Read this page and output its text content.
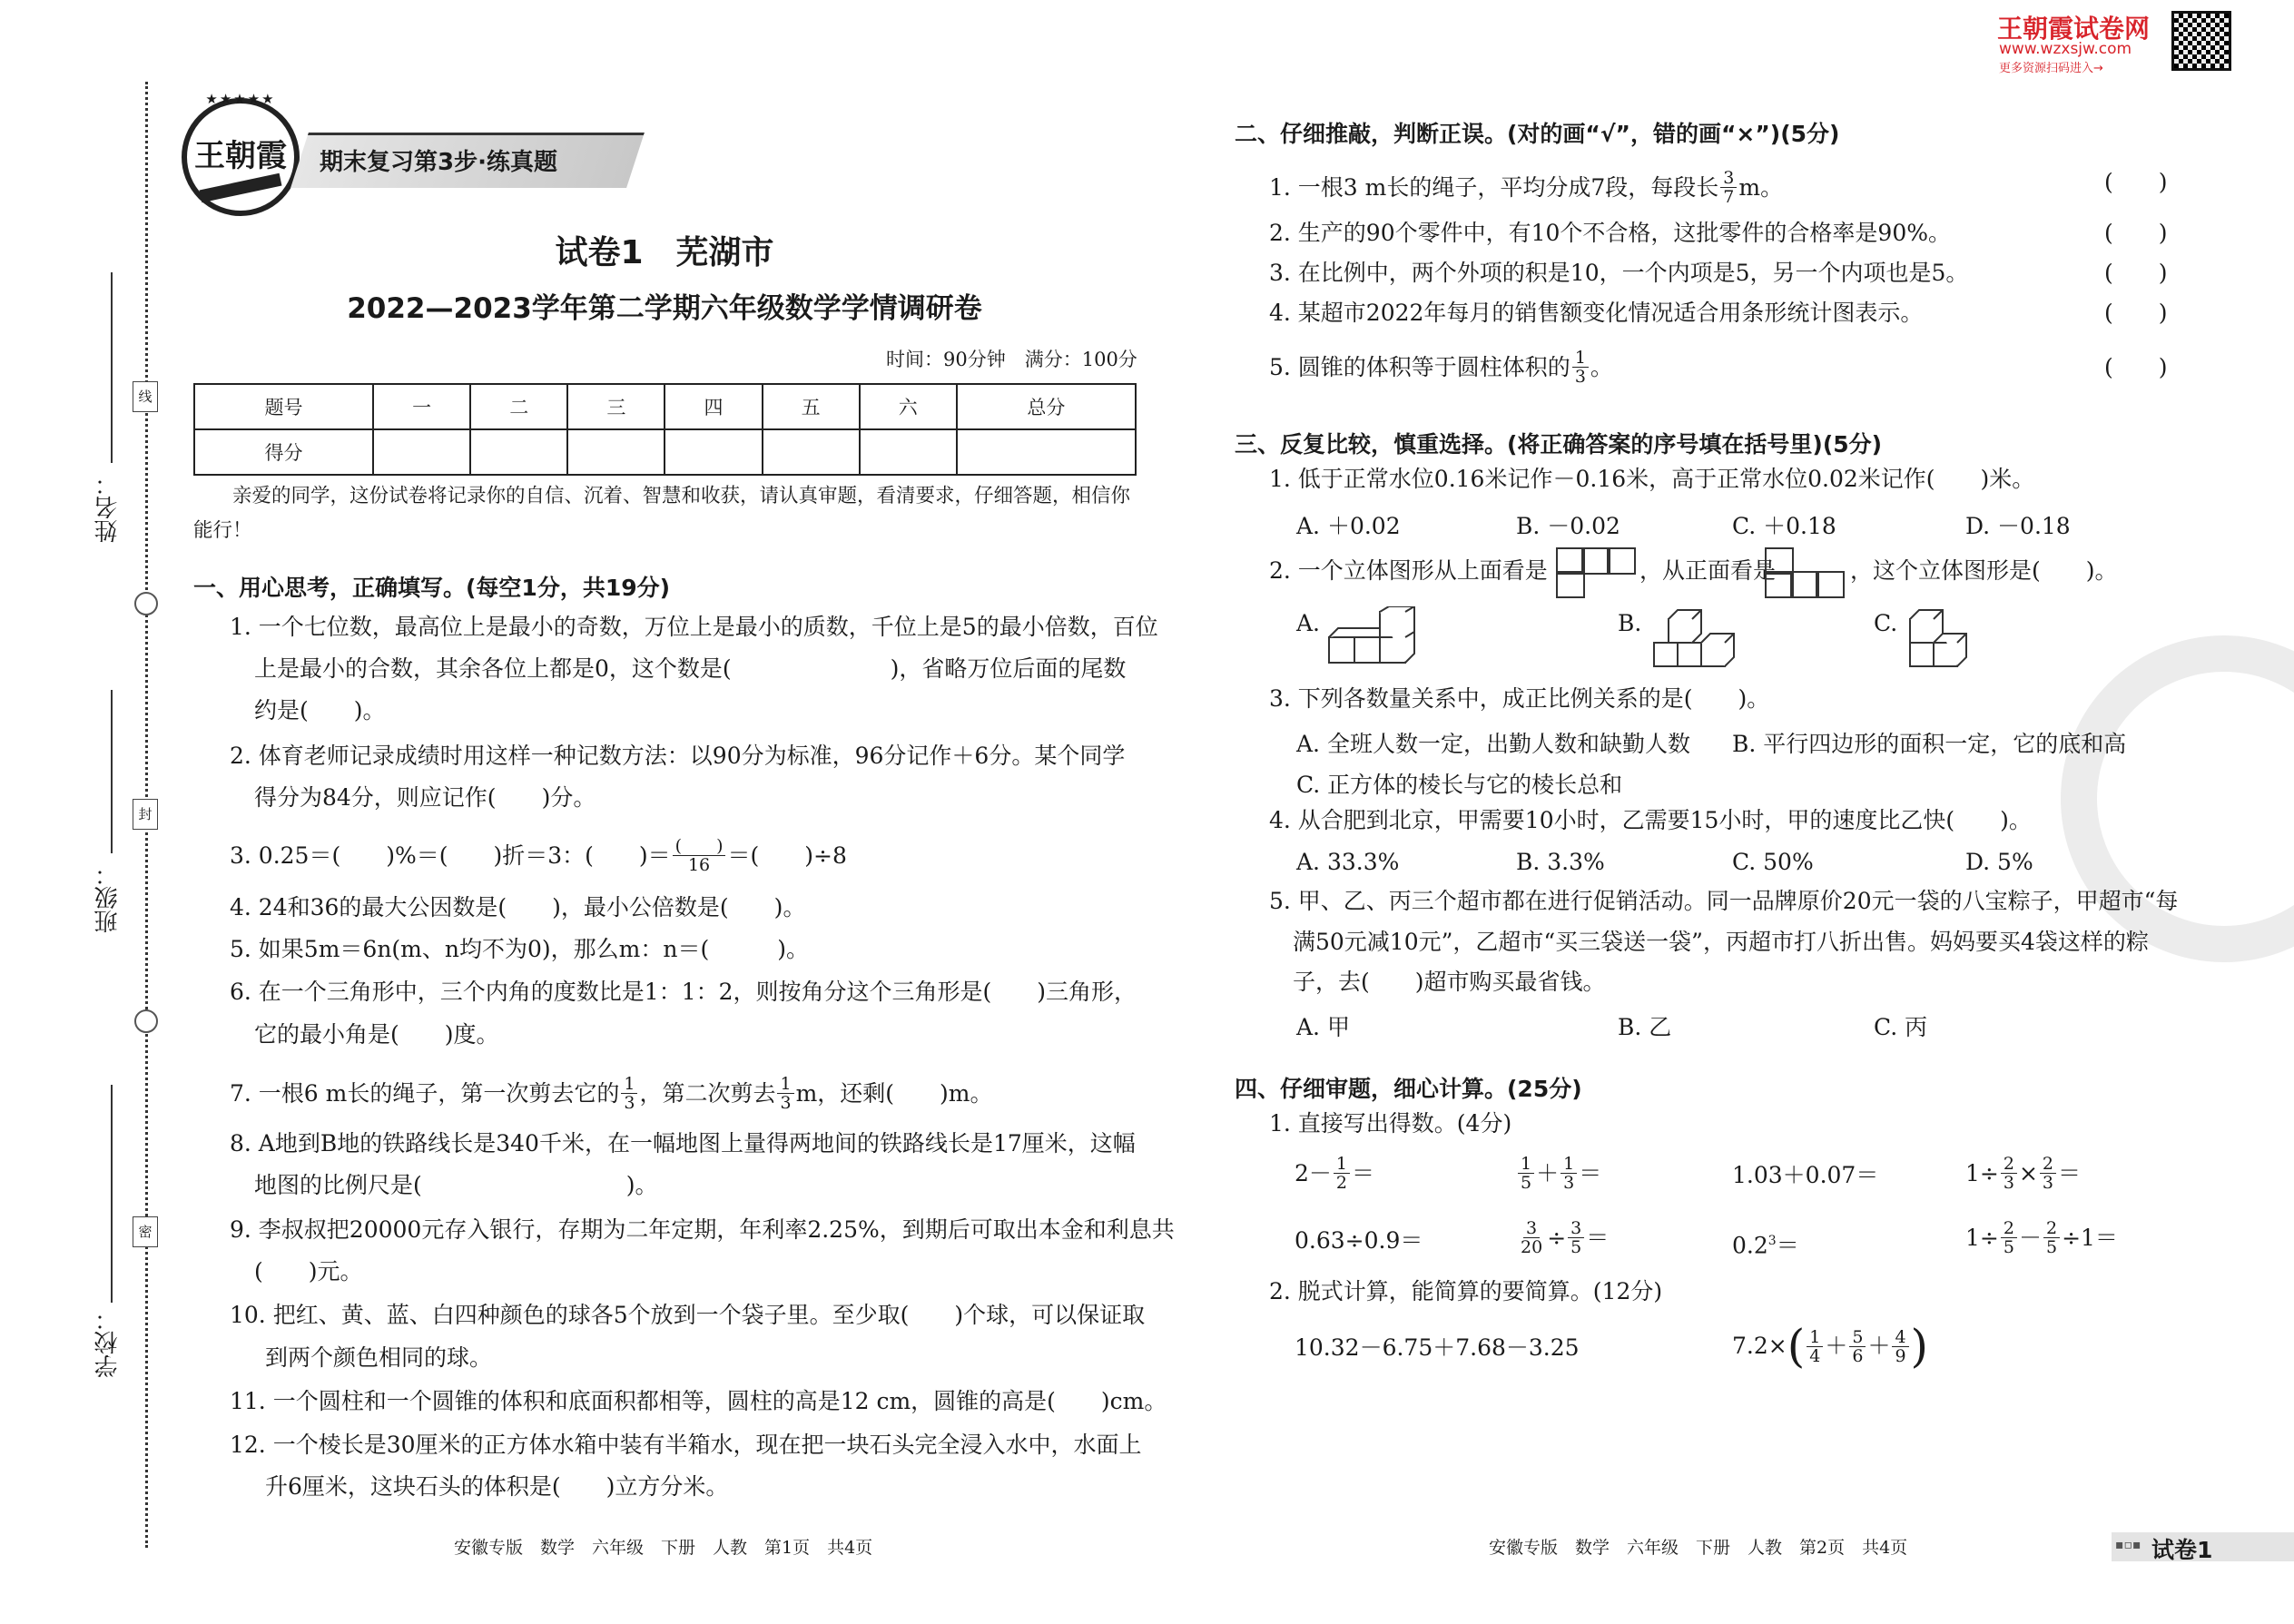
姓名：
班级：
学校：
线
封
密
★★★★★
王朝霞	期末复习第3步·练真题
王朝霞试卷网
www.wzxsjw.com
更多资源扫码进入→
试卷1　芜湖市
2022—2023学年第二学期六年级数学学情调研卷
时间：90分钟　满分：100分
题号	一	二	三	四	五	六	总分
得分							
亲爱的同学，这份试卷将记录你的自信、沉着、智慧和收获，请认真审题，看清要求，仔细答题，相信你能行！
一、用心思考，正确填写。(每空1分，共19分)
1. 一个七位数，最高位上是最小的奇数，万位上是最小的质数，千位上是5的最小倍数，百位
上是最小的合数，其余各位上都是0，这个数是(　　　　　　　)，省略万位后面的尾数
约是(　　)。
2. 体育老师记录成绩时用这样一种记数方法：以90分为标准，96分记作＋6分。某个同学
得分为84分，则应记作(　　)分。
3. 0.25＝(　　)%＝(　　)折＝3：(　　)＝ $\frac{( )}{16}$ ＝(　　)÷8
4. 24和36的最大公因数是(　　)，最小公倍数是(　　)。
5. 如果5m＝6n(m、n均不为0)，那么m：n＝(　　　)。
6. 在一个三角形中，三个内角的度数比是1：1：2，则按角分这个三角形是(　　)三角形，
它的最小角是(　　)度。
7. 一根6 m长的绳子，第一次剪去它的 $\frac{1}{3}$ ，第二次剪去 $\frac{1}{3}$ m，还剩(　　)m。
8. A地到B地的铁路线长是340千米，在一幅地图上量得两地间的铁路线长是17厘米，这幅
地图的比例尺是(　　　　　　　　　)。
9. 李叔叔把20000元存入银行，存期为二年定期，年利率2.25%，到期后可取出本金和利息共
(　　)元。
10. 把红、黄、蓝、白四种颜色的球各5个放到一个袋子里。至少取(　　)个球，可以保证取
到两个颜色相同的球。
11. 一个圆柱和一个圆锥的体积和底面积都相等，圆柱的高是12 cm，圆锥的高是(　　)cm。
12. 一个棱长是30厘米的正方体水箱中装有半箱水，现在把一块石头完全浸入水中，水面上
升6厘米，这块石头的体积是(　　)立方分米。
安徽专版　数学　六年级　下册　人教　第1页　共4页
二、仔细推敲，判断正误。(对的画“√”，错的画“×”)(5分)
1. 一根3 m长的绳子，平均分成7段，每段长 $\frac{3}{7}$ m。	(　　)
2. 生产的90个零件中，有10个不合格，这批零件的合格率是90%。	(　　)
3. 在比例中，两个外项的积是10，一个内项是5，另一个内项也是5。	(　　)
4. 某超市2022年每月的销售额变化情况适合用条形统计图表示。	(　　)
5. 圆锥的体积等于圆柱体积的 $\frac{1}{3}$ 。	(　　)
三、反复比较，慎重选择。(将正确答案的序号填在括号里)(5分)
1. 低于正常水位0.16米记作－0.16米，高于正常水位0.02米记作(　　)米。
A. ＋0.02	B. －0.02	C. ＋0.18	D. －0.18
2. 一个立体图形从上面看是	，从正面看是	，这个立体图形是(　　)。
A.	B.	C.
3. 下列各数量关系中，成正比例关系的是(　　)。
A. 全班人数一定，出勤人数和缺勤人数 B. 平行四边形的面积一定，它的底和高
C. 正方体的棱长与它的棱长总和
4. 从合肥到北京，甲需要10小时，乙需要15小时，甲的速度比乙快(　　)。
A. 33.3%	B. 3.3%	C. 50%	D. 5%
5. 甲、乙、丙三个超市都在进行促销活动。同一品牌原价20元一袋的八宝粽子，甲超市“每
满50元减10元”，乙超市“买三袋送一袋”，丙超市打八折出售。妈妈要买4袋这样的粽
子，去(　　)超市购买最省钱。
A. 甲	B. 乙	C. 丙
四、仔细审题，细心计算。(25分)
1. 直接写出得数。(4分)
$2- \frac{1}{2}$ ＝	$\frac{1}{5} + \frac{1}{3}$ ＝	1.03＋0.07＝	$1\div \frac{2}{3} \times \frac{2}{3}$ ＝
0.63÷0.9＝	$\frac{3}{20} \div \frac{3}{5}$ ＝	$0.2^3=$	$1\div \frac{2}{5} - \frac{2}{5} \div 1=$
2. 脱式计算，能简算的要简算。(12分)
10.32－6.75＋7.68－3.25	7.2× ( $\frac{1}{4} + \frac{5}{6} + \frac{4}{9}$ )
安徽专版　数学　六年级　下册　人教　第2页　共4页	▪▫▪ 试卷1
